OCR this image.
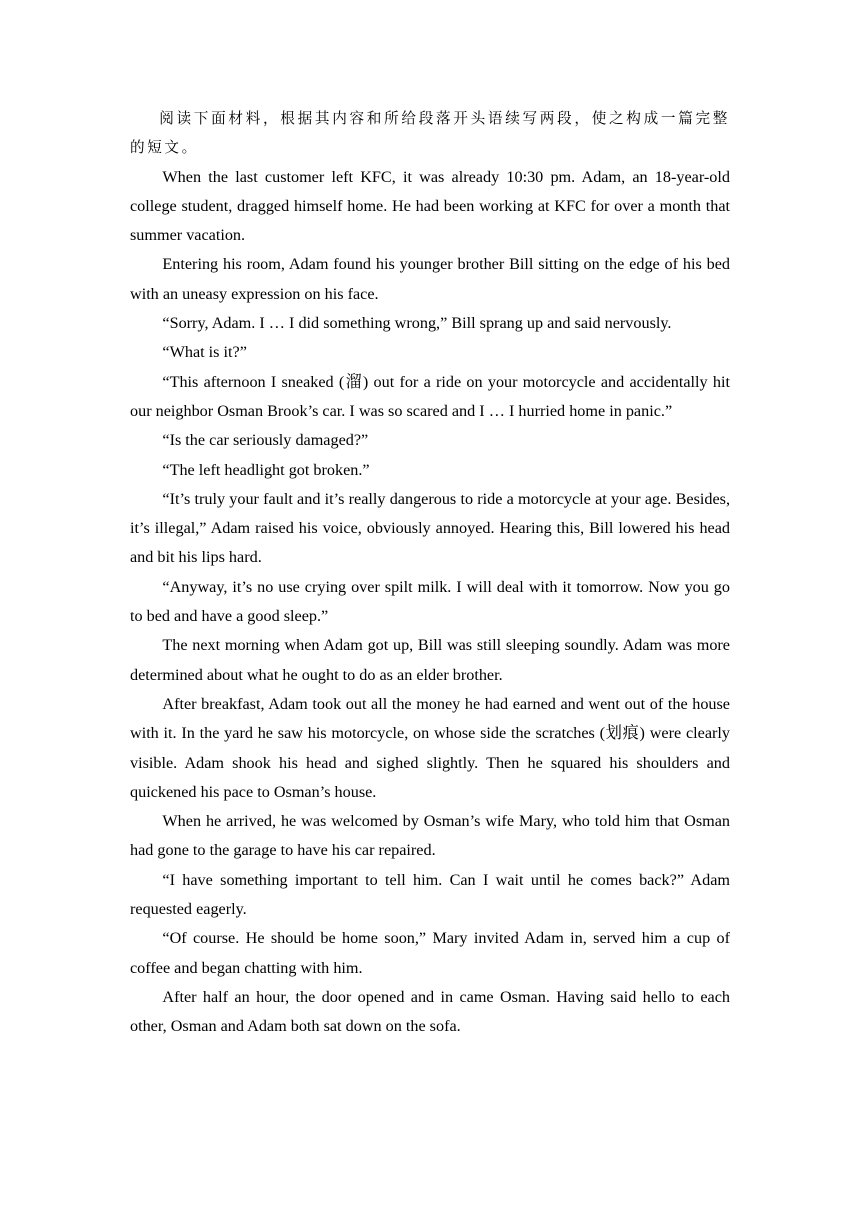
阅读下面材料，根据其内容和所给段落开头语续写两段，使之构成一篇完整的短文。

When the last customer left KFC, it was already 10:30 pm. Adam, an 18-year-old college student, dragged himself home. He had been working at KFC for over a month that summer vacation.

Entering his room, Adam found his younger brother Bill sitting on the edge of his bed with an uneasy expression on his face.

“Sorry, Adam. I … I did something wrong,” Bill sprang up and said nervously.

“What is it?”

“This afternoon I sneaked (溜) out for a ride on your motorcycle and accidentally hit our neighbor Osman Brook’s car. I was so scared and I … I hurried home in panic.”

“Is the car seriously damaged?”

“The left headlight got broken.”

“It’s truly your fault and it’s really dangerous to ride a motorcycle at your age. Besides, it’s illegal,” Adam raised his voice, obviously annoyed. Hearing this, Bill lowered his head and bit his lips hard.

“Anyway, it’s no use crying over spilt milk. I will deal with it tomorrow. Now you go to bed and have a good sleep.”

The next morning when Adam got up, Bill was still sleeping soundly. Adam was more determined about what he ought to do as an elder brother.

After breakfast, Adam took out all the money he had earned and went out of the house with it. In the yard he saw his motorcycle, on whose side the scratches (划痕) were clearly visible. Adam shook his head and sighed slightly. Then he squared his shoulders and quickened his pace to Osman’s house.

When he arrived, he was welcomed by Osman’s wife Mary, who told him that Osman had gone to the garage to have his car repaired.

“I have something important to tell him. Can I wait until he comes back?” Adam requested eagerly.

“Of course. He should be home soon,” Mary invited Adam in, served him a cup of coffee and began chatting with him.

After half an hour, the door opened and in came Osman. Having said hello to each other, Osman and Adam both sat down on the sofa.
